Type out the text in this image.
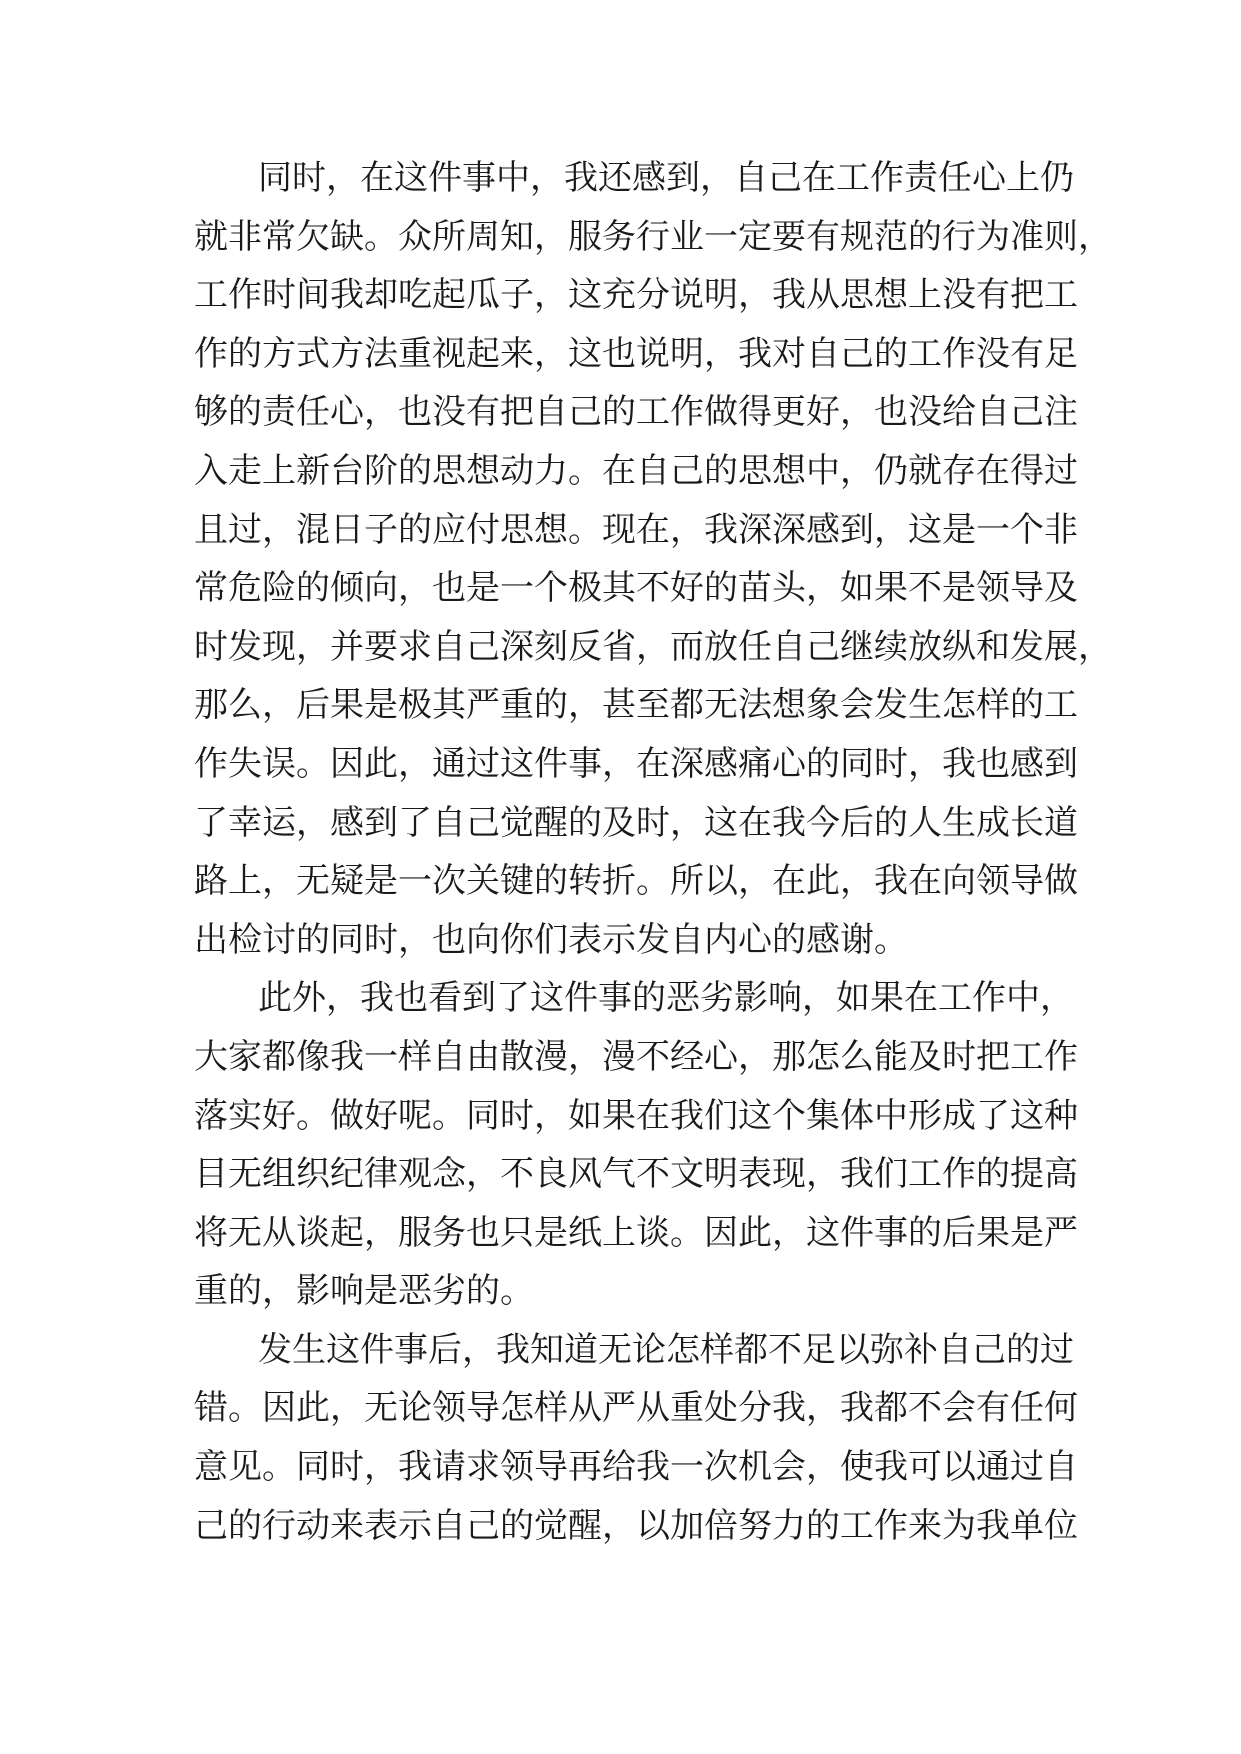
同时，在这件事中，我还感到，自己在工作责任心上仍
就非常欠缺。众所周知，服务行业一定要有规范的行为准则，
工作时间我却吃起瓜子，这充分说明，我从思想上没有把工
作的方式方法重视起来，这也说明，我对自己的工作没有足
够的责任心，也没有把自己的工作做得更好，也没给自己注
入走上新台阶的思想动力。在自己的思想中，仍就存在得过
且过，混日子的应付思想。现在，我深深感到，这是一个非
常危险的倾向，也是一个极其不好的苗头，如果不是领导及
时发现，并要求自己深刻反省，而放任自己继续放纵和发展，
那么，后果是极其严重的，甚至都无法想象会发生怎样的工
作失误。因此，通过这件事，在深感痛心的同时，我也感到
了幸运，感到了自己觉醒的及时，这在我今后的人生成长道
路上，无疑是一次关键的转折。所以，在此，我在向领导做
出检讨的同时，也向你们表示发自内心的感谢。
此外，我也看到了这件事的恶劣影响，如果在工作中，
大家都像我一样自由散漫，漫不经心，那怎么能及时把工作
落实好。做好呢。同时，如果在我们这个集体中形成了这种
目无组织纪律观念，不良风气不文明表现，我们工作的提高
将无从谈起，服务也只是纸上谈。因此，这件事的后果是严
重的，影响是恶劣的。
发生这件事后，我知道无论怎样都不足以弥补自己的过
错。因此，无论领导怎样从严从重处分我，我都不会有任何
意见。同时，我请求领导再给我一次机会，使我可以通过自
己的行动来表示自己的觉醒，以加倍努力的工作来为我单位
